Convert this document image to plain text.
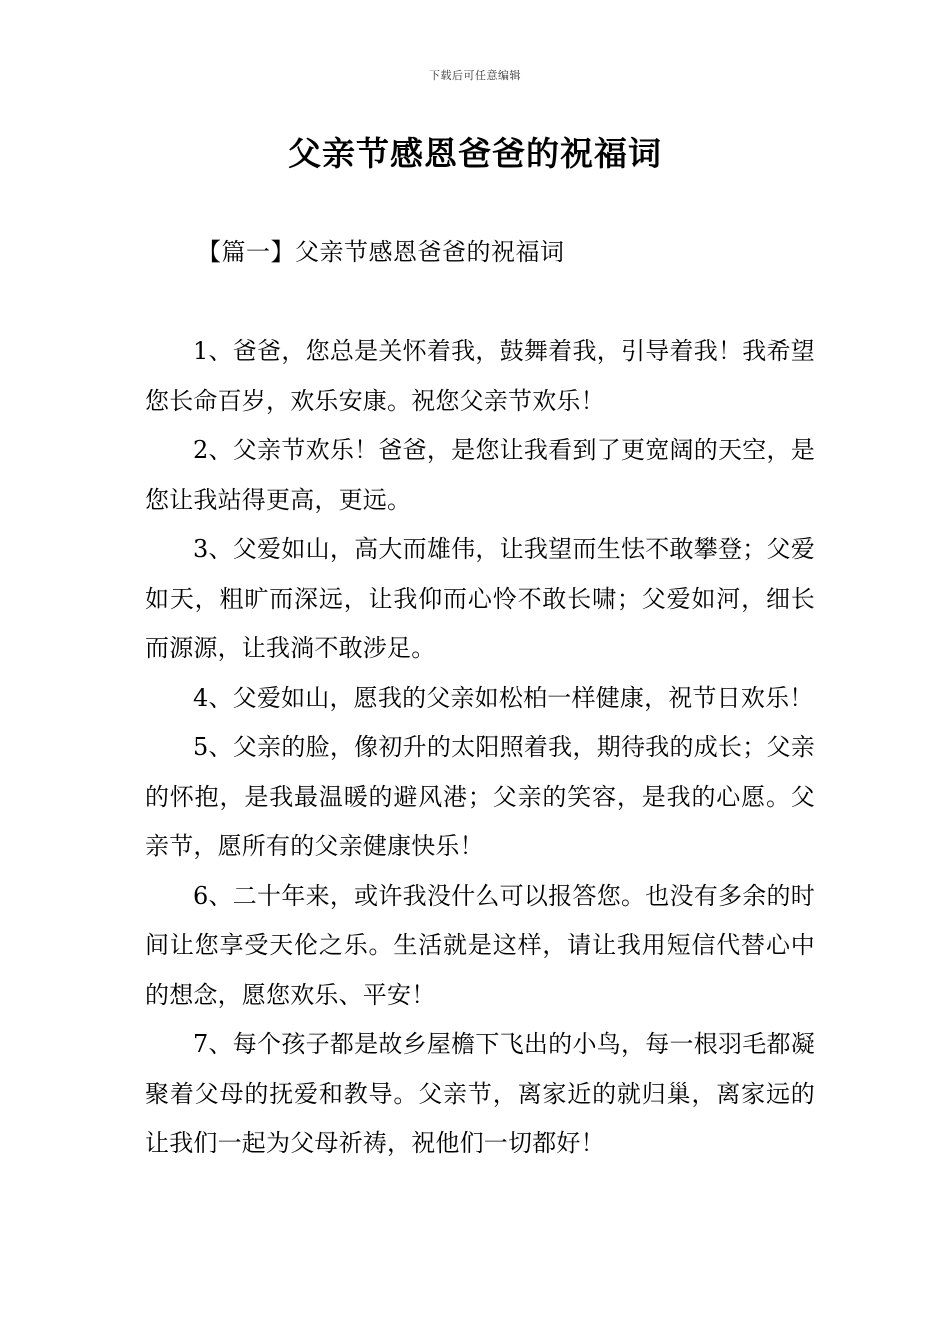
下载后可任意编辑
父亲节感恩爸爸的祝福词
【篇一】父亲节感恩爸爸的祝福词

1、爸爸，您总是关怀着我，鼓舞着我，引导着我！我希望您长命百岁，欢乐安康。祝您父亲节欢乐！

2、父亲节欢乐！爸爸，是您让我看到了更宽阔的天空，是您让我站得更高，更远。

3、父爱如山，高大而雄伟，让我望而生怯不敢攀登；父爱如天，粗旷而深远，让我仰而心怜不敢长啸；父爱如河，细长而源源，让我淌不敢涉足。

4、父爱如山，愿我的父亲如松柏一样健康，祝节日欢乐！

5、父亲的脸，像初升的太阳照着我，期待我的成长；父亲的怀抱，是我最温暖的避风港；父亲的笑容，是我的心愿。父亲节，愿所有的父亲健康快乐！

6、二十年来，或许我没什么可以报答您。也没有多余的时间让您享受天伦之乐。生活就是这样，请让我用短信代替心中的想念，愿您欢乐、平安！

7、每个孩子都是故乡屋檐下飞出的小鸟，每一根羽毛都凝聚着父母的抚爱和教导。父亲节，离家近的就归巢，离家远的让我们一起为父母祈祷，祝他们一切都好！
